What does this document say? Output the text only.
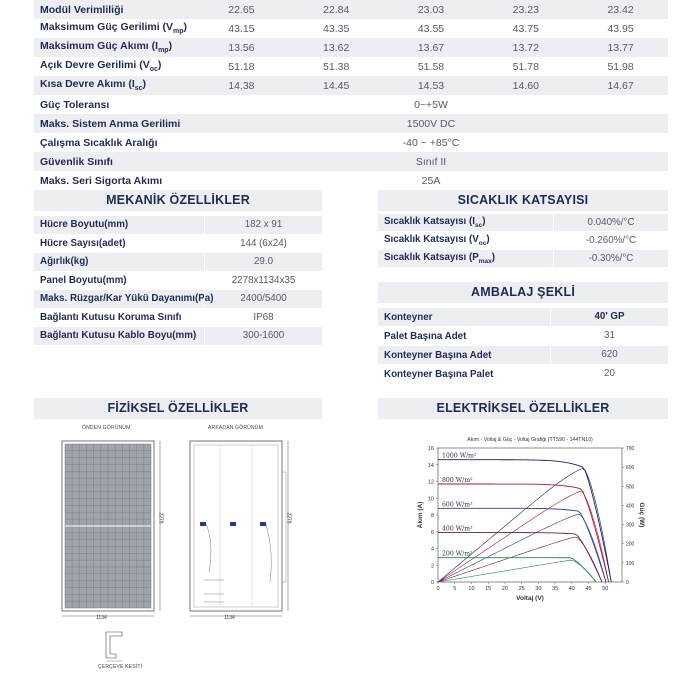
Modül Verimliliği	22.65	22.84	23.03	23.23	23.42
Maksimum Güç Gerilimi $(V_{mp})$	43.15	43.35	43.55	43.75	43.95
Maksimum Güç Akımı $(I_{mp})$	13.56	13.62	13.67	13.72	13.77
Açık Devre Gerilimi $(V_{oc})$	51.18	51.38	51.58	51.78	51.98
Kısa Devre Akımı $(I_{sc})$	14.38	14.45	14.53	14.60	14.67
Güç Toleransı	0~+5W
Maks. Sistem Anma Gerilimi	1500V DC
Çalışma Sıcaklık Aralığı	-40 ~ +85°C
Güvenlik Sınıfı	Sınıf II
Maks. Seri Sigorta Akımı	25A
MEKANİK ÖZELLİKLER
Hücre Boyutu(mm)	182 x 91
Hücre Sayısı(adet)	144 (6x24)
Ağırlık(kg)	29.0
Panel Boyutu(mm)	2278x1134x35
Maks. Rüzgar/Kar Yükü Dayanımı(Pa)	2400/5400
Bağlantı Kutusu Koruma Sınıfı	IP68
Bağlantı Kutusu Kablo Boyu(mm)	300-1600
SICAKLIK KATSAYISI
Sıcaklık Katsayısı $(I_{sc})$	0.040%/°C
Sıcaklık Katsayısı $(V_{oc})$	-0.260%/°C
Sıcaklık Katsayısı $(P_{max})$	-0.30%/°C
AMBALAJ ŞEKLİ
Konteyner	40' GP
Palet Başına Adet	31
Konteyner Başına Adet	620
Konteyner Başına Palet	20
FİZİKSEL ÖZELLİKLER
ÖNDEN GÖRÜNÜM	ARKADAN GÖRÜNÜM
1134
2278
1134
2278
ÇERÇEVE KESİTİ
ELEKTRİKSEL ÖZELLİKLER
0 5 10 15 20 25 30 35 40 45 50
0
2
4
6
8
10
12
14
16
0
100
200
300
400
500
600
700
Akım - Voltaj & Güç - Voltaj Grafiği (TTS90 - 144TN10)
Voltaj (V)
Akım (A)	Güç (W)
1000 W/m²
800 W/m²
600 W/m²
400 W/m²
200 W/m²
